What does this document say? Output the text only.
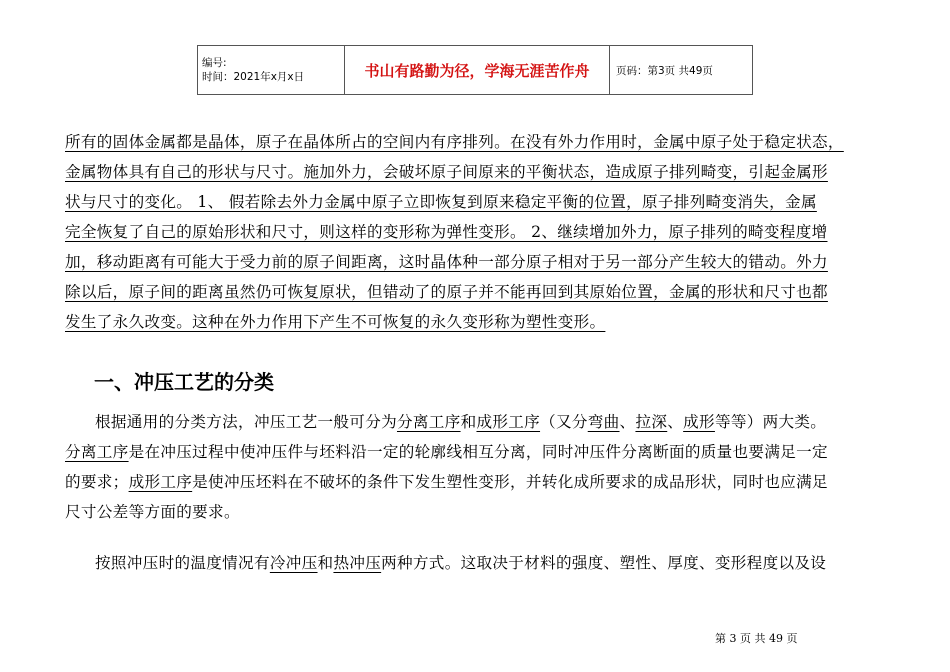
编号:
时间：2021年x月x日	书山有路勤为径，学海无涯苦作舟	页码：第3页 共49页
所有的固体金属都是晶体，原子在晶体所占的空间内有序排列。在没有外力作用时，金属中原子处于稳定状态，
金属物体具有自己的形状与尺寸。施加外力，会破坏原子间原来的平衡状态，造成原子排列畸变，引起金属形
状与尺寸的变化。 1、 假若除去外力金属中原子立即恢复到原来稳定平衡的位置，原子排列畸变消失，金属
完全恢复了自己的原始形状和尺寸，则这样的变形称为弹性变形。 2、继续增加外力，原子排列的畸变程度增
加，移动距离有可能大于受力前的原子间距离，这时晶体种一部分原子相对于另一部分产生较大的错动。外力
除以后，原子间的距离虽然仍可恢复原状，但错动了的原子并不能再回到其原始位置，金属的形状和尺寸也都
发生了永久改变。这种在外力作用下产生不可恢复的永久变形称为塑性变形。
一、冲压工艺的分类
根据通用的分类方法，冲压工艺一般可分为分离工序和成形工序（又分弯曲、拉深、成形等等）两大类。
分离工序是在冲压过程中使冲压件与坯料沿一定的轮廓线相互分离，同时冲压件分离断面的质量也要满足一定
的要求；成形工序是使冲压坯料在不破坏的条件下发生塑性变形，并转化成所要求的成品形状，同时也应满足
尺寸公差等方面的要求。
按照冲压时的温度情况有冷冲压和热冲压两种方式。这取决于材料的强度、塑性、厚度、变形程度以及设
第 3 页 共 49 页
